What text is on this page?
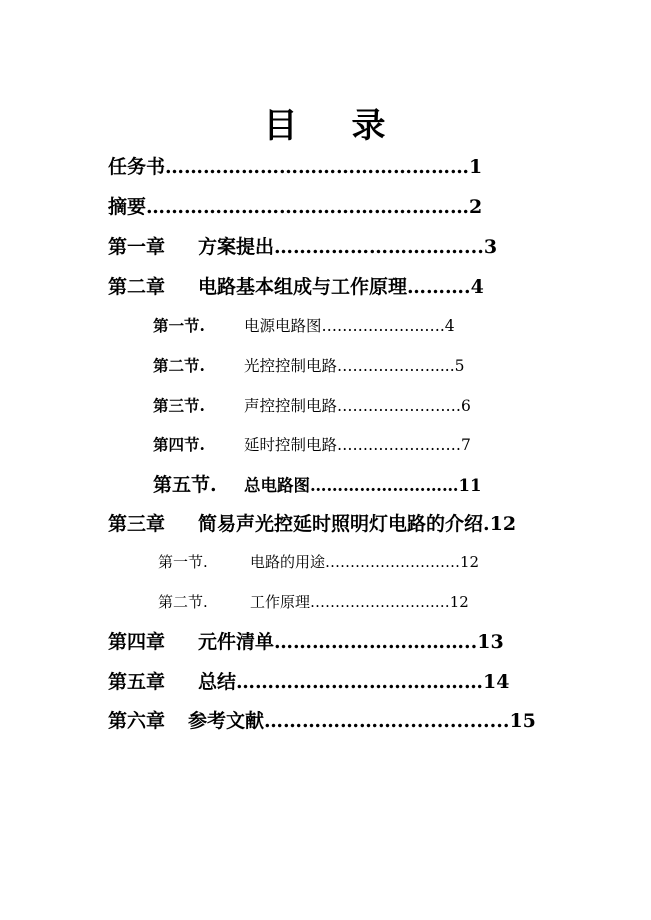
目 录
任务书…………………………………………1
摘要……………………………………………2
第一章 方案提出…………………………...3
第二章 电路基本组成与工作原理……….4
第一节.	电源电路图………………..….4
第二节.	光控控制电路……………….....5
第三节.	声控控制电路……………………6
第四节.	延时控制电路……………………7
第五节. 总电路图………………………11
第三章 简易声光控延时照明灯电路的介绍.12
第一节.	电路的用途………………………12
第二节.	工作原理…………………….…12
第四章 元件清单…………………………..13
第五章 总结…………………………………14
第六章 参考文献………………….................15
